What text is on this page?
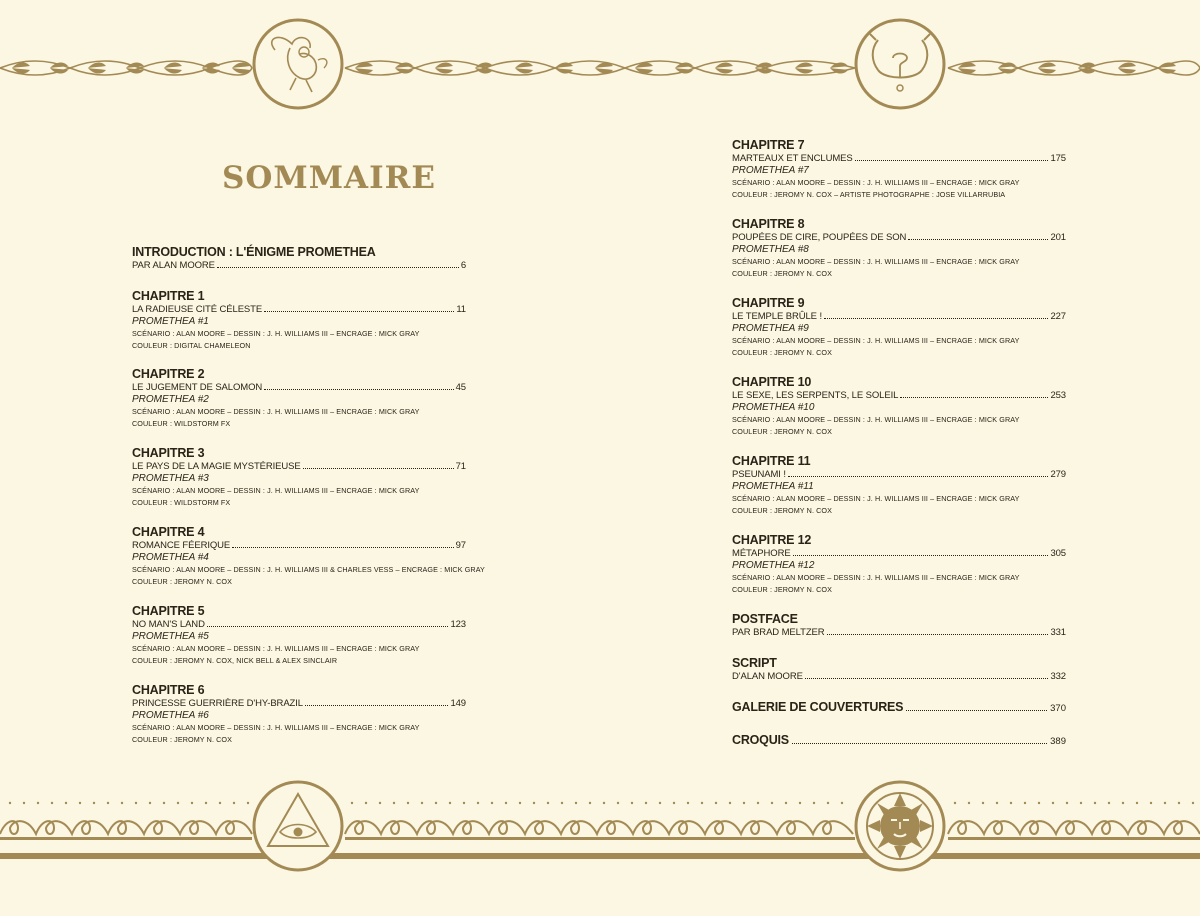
SOMMAIRE
INTRODUCTION : L'ÉNIGME PROMETHEA
PAR ALAN MOORE	6
CHAPITRE 1
LA RADIEUSE CITÉ CÉLESTE	11
PROMETHEA #1
SCÉNARIO : ALAN MOORE – DESSIN : J. H. WILLIAMS III – ENCRAGE : MICK GRAY
COULEUR : DIGITAL CHAMELEON
CHAPITRE 2
LE JUGEMENT DE SALOMON	45
PROMETHEA #2
SCÉNARIO : ALAN MOORE – DESSIN : J. H. WILLIAMS III – ENCRAGE : MICK GRAY
COULEUR : WILDSTORM FX
CHAPITRE 3
LE PAYS DE LA MAGIE MYSTÉRIEUSE	71
PROMETHEA #3
SCÉNARIO : ALAN MOORE – DESSIN : J. H. WILLIAMS III – ENCRAGE : MICK GRAY
COULEUR : WILDSTORM FX
CHAPITRE 4
ROMANCE FÉERIQUE	97
PROMETHEA #4
SCÉNARIO : ALAN MOORE – DESSIN : J. H. WILLIAMS III & CHARLES VESS – ENCRAGE : MICK GRAY
COULEUR : JEROMY N. COX
CHAPITRE 5
NO MAN'S LAND	123
PROMETHEA #5
SCÉNARIO : ALAN MOORE – DESSIN : J. H. WILLIAMS III – ENCRAGE : MICK GRAY
COULEUR : JEROMY N. COX, NICK BELL & ALEX SINCLAIR
CHAPITRE 6
PRINCESSE GUERRIÈRE D'HY-BRAZIL	149
PROMETHEA #6
SCÉNARIO : ALAN MOORE – DESSIN : J. H. WILLIAMS III – ENCRAGE : MICK GRAY
COULEUR : JEROMY N. COX
CHAPITRE 7
MARTEAUX ET ENCLUMES	175
PROMETHEA #7
SCÉNARIO : ALAN MOORE – DESSIN : J. H. WILLIAMS III – ENCRAGE : MICK GRAY
COULEUR : JEROMY N. COX – ARTISTE PHOTOGRAPHE : JOSE VILLARRUBIA
CHAPITRE 8
POUPÉES DE CIRE, POUPÉES DE SON	201
PROMETHEA #8
SCÉNARIO : ALAN MOORE – DESSIN : J. H. WILLIAMS III – ENCRAGE : MICK GRAY
COULEUR : JEROMY N. COX
CHAPITRE 9
LE TEMPLE BRÛLE !	227
PROMETHEA #9
SCÉNARIO : ALAN MOORE – DESSIN : J. H. WILLIAMS III – ENCRAGE : MICK GRAY
COULEUR : JEROMY N. COX
CHAPITRE 10
LE SEXE, LES SERPENTS, LE SOLEIL	253
PROMETHEA #10
SCÉNARIO : ALAN MOORE – DESSIN : J. H. WILLIAMS III – ENCRAGE : MICK GRAY
COULEUR : JEROMY N. COX
CHAPITRE 11
PSEUNAMI !	279
PROMETHEA #11
SCÉNARIO : ALAN MOORE – DESSIN : J. H. WILLIAMS III – ENCRAGE : MICK GRAY
COULEUR : JEROMY N. COX
CHAPITRE 12
MÉTAPHORE	305
PROMETHEA #12
SCÉNARIO : ALAN MOORE – DESSIN : J. H. WILLIAMS III – ENCRAGE : MICK GRAY
COULEUR : JEROMY N. COX
POSTFACE
PAR BRAD MELTZER	331
SCRIPT
D'ALAN MOORE	332
GALERIE DE COUVERTURES	370
CROQUIS	389
